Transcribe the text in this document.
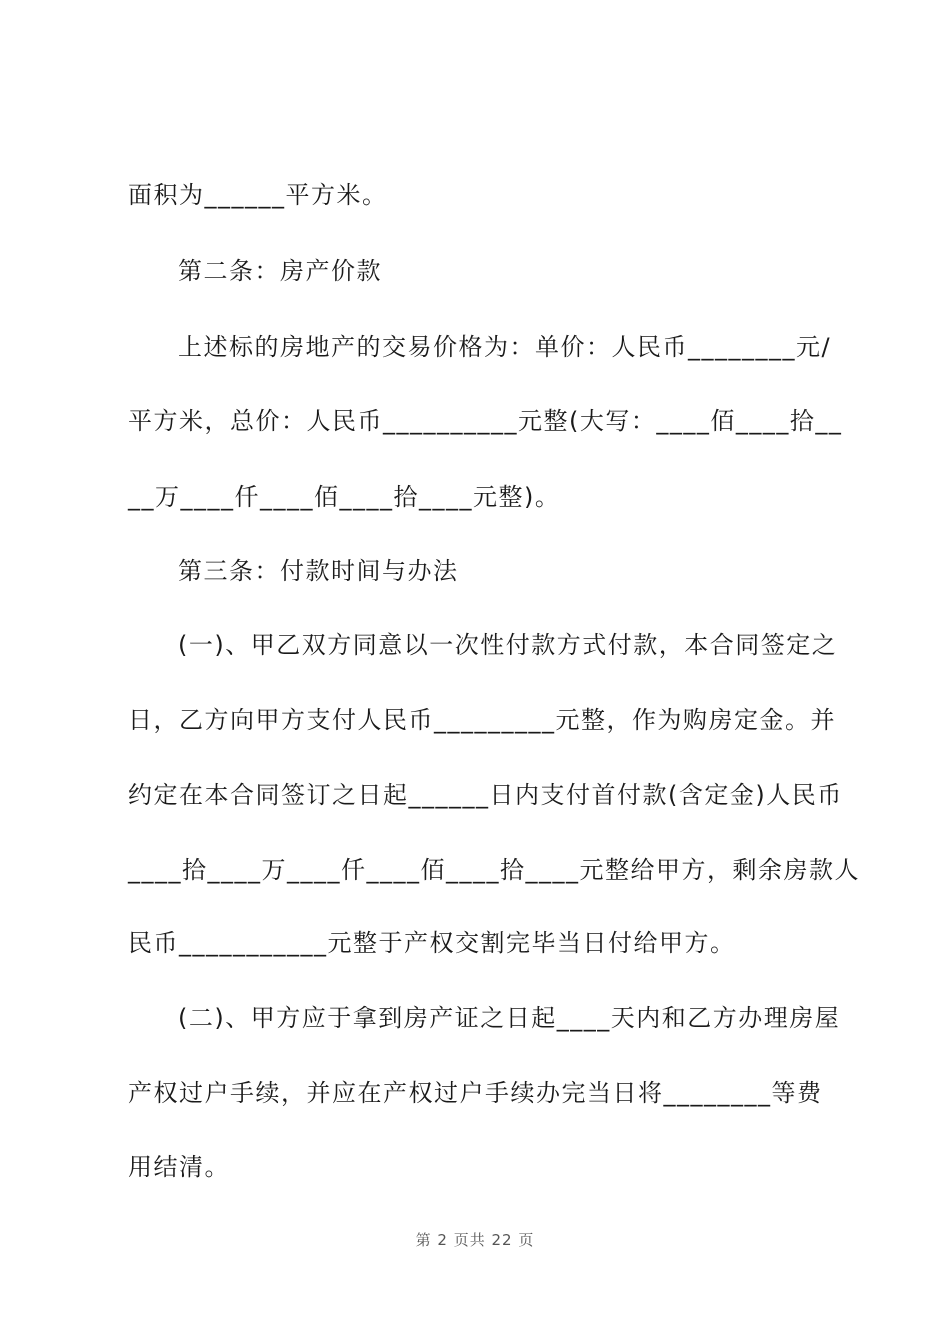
面积为______平方米。
第二条：房产价款
上述标的房地产的交易价格为：单价：人民币________元/
平方米，总价：人民币__________元整(大写：____佰____拾__
__万____仟____佰____拾____元整)。
第三条：付款时间与办法
(一)、甲乙双方同意以一次性付款方式付款，本合同签定之
日，乙方向甲方支付人民币_________元整，作为购房定金。并
约定在本合同签订之日起______日内支付首付款(含定金)人民币
____拾____万____仟____佰____拾____元整给甲方，剩余房款人
民币___________元整于产权交割完毕当日付给甲方。
(二)、甲方应于拿到房产证之日起____天内和乙方办理房屋
产权过户手续，并应在产权过户手续办完当日将________等费
用结清。
第 2 页共 22 页
